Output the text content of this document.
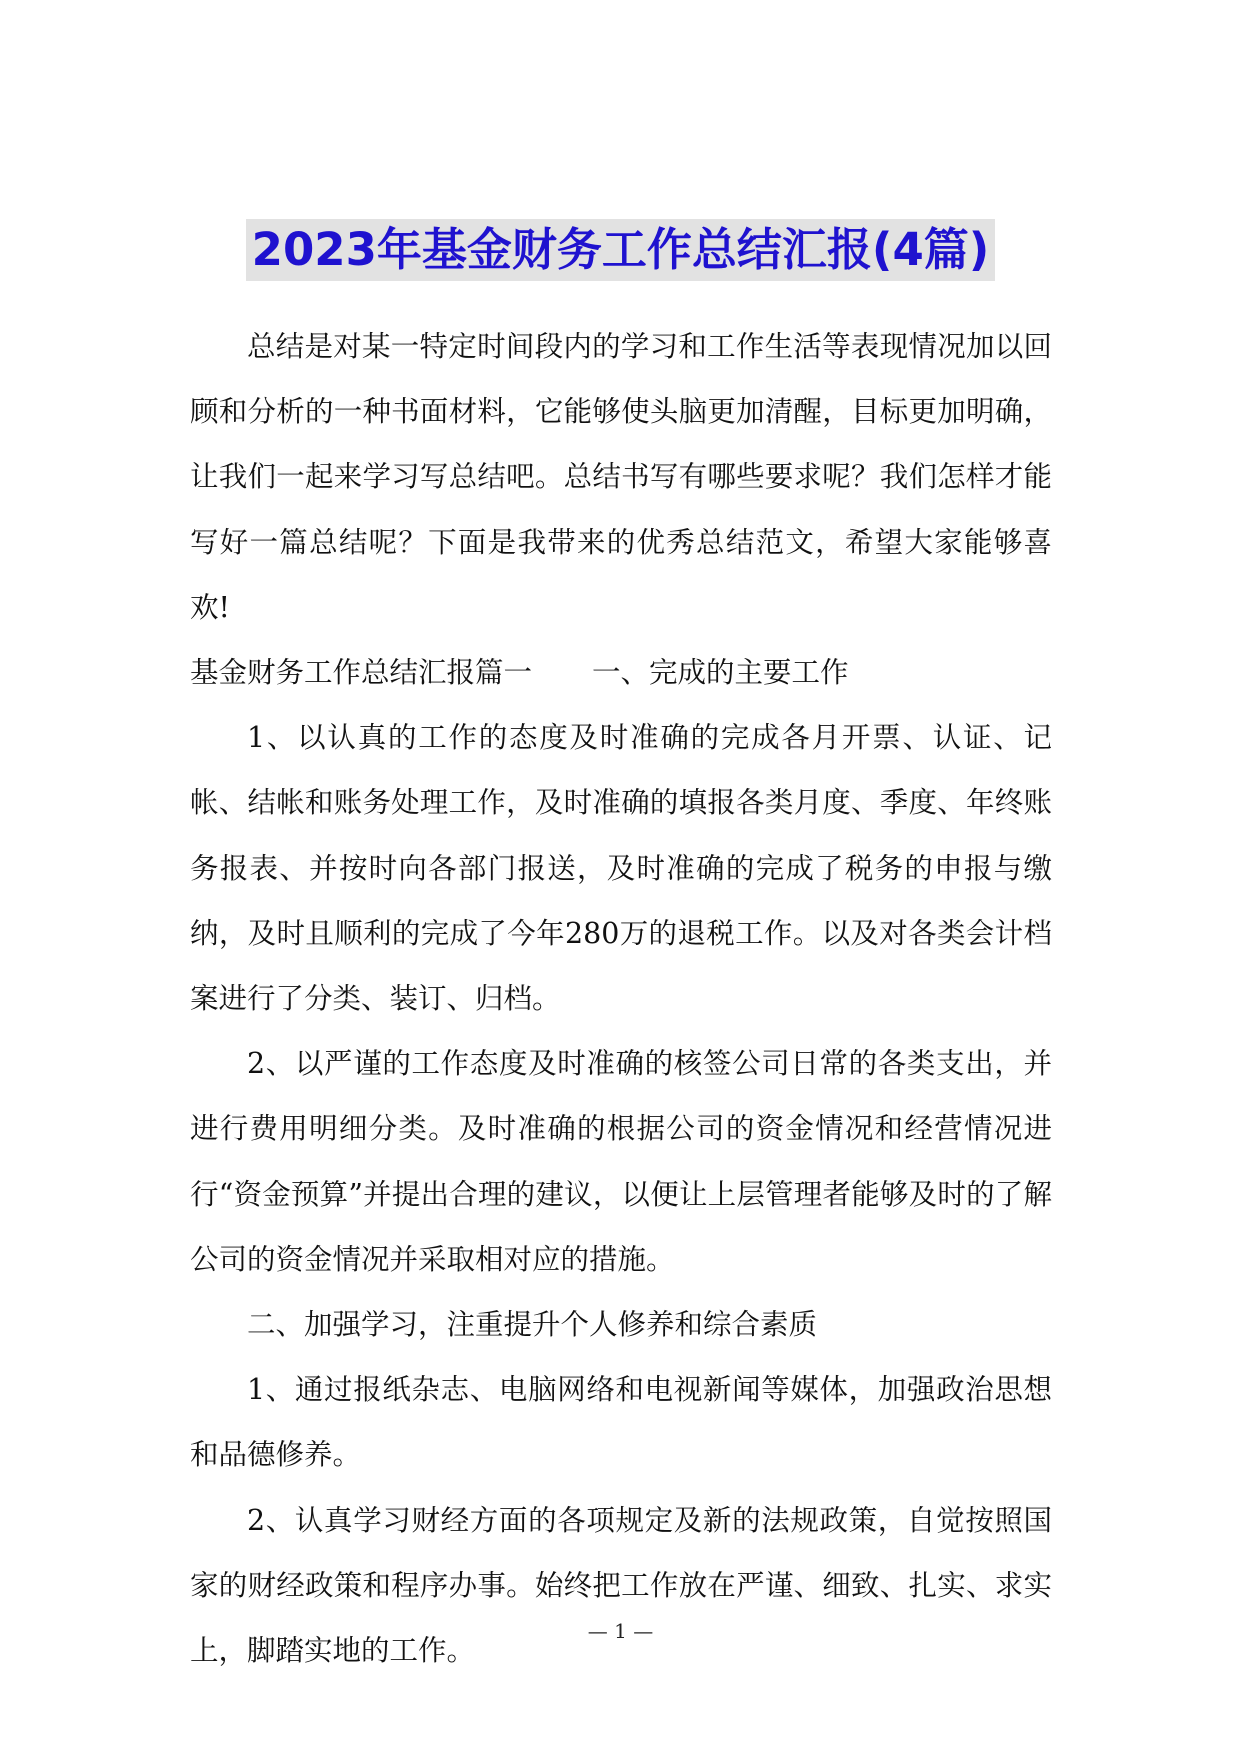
2023年基金财务工作总结汇报(4篇)

总结是对某一特定时间段内的学习和工作生活等表现情况加以回顾和分析的一种书面材料，它能够使头脑更加清醒，目标更加明确，让我们一起来学习写总结吧。总结书写有哪些要求呢？我们怎样才能写好一篇总结呢？下面是我带来的优秀总结范文，希望大家能够喜欢!

基金财务工作总结汇报篇一 一、完成的主要工作

1、以认真的工作的态度及时准确的完成各月开票、认证、记帐、结帐和账务处理工作，及时准确的填报各类月度、季度、年终账务报表、并按时向各部门报送，及时准确的完成了税务的申报与缴纳，及时且顺利的完成了今年280万的退税工作。以及对各类会计档案进行了分类、装订、归档。

2、以严谨的工作态度及时准确的核签公司日常的各类支出，并进行费用明细分类。及时准确的根据公司的资金情况和经营情况进行“资金预算”并提出合理的建议，以便让上层管理者能够及时的了解公司的资金情况并采取相对应的措施。

二、加强学习，注重提升个人修养和综合素质

1、通过报纸杂志、电脑网络和电视新闻等媒体，加强政治思想和品德修养。

2、认真学习财经方面的各项规定及新的法规政策，自觉按照国家的财经政策和程序办事。始终把工作放在严谨、细致、扎实、求实上，脚踏实地的工作。

— 1 —
